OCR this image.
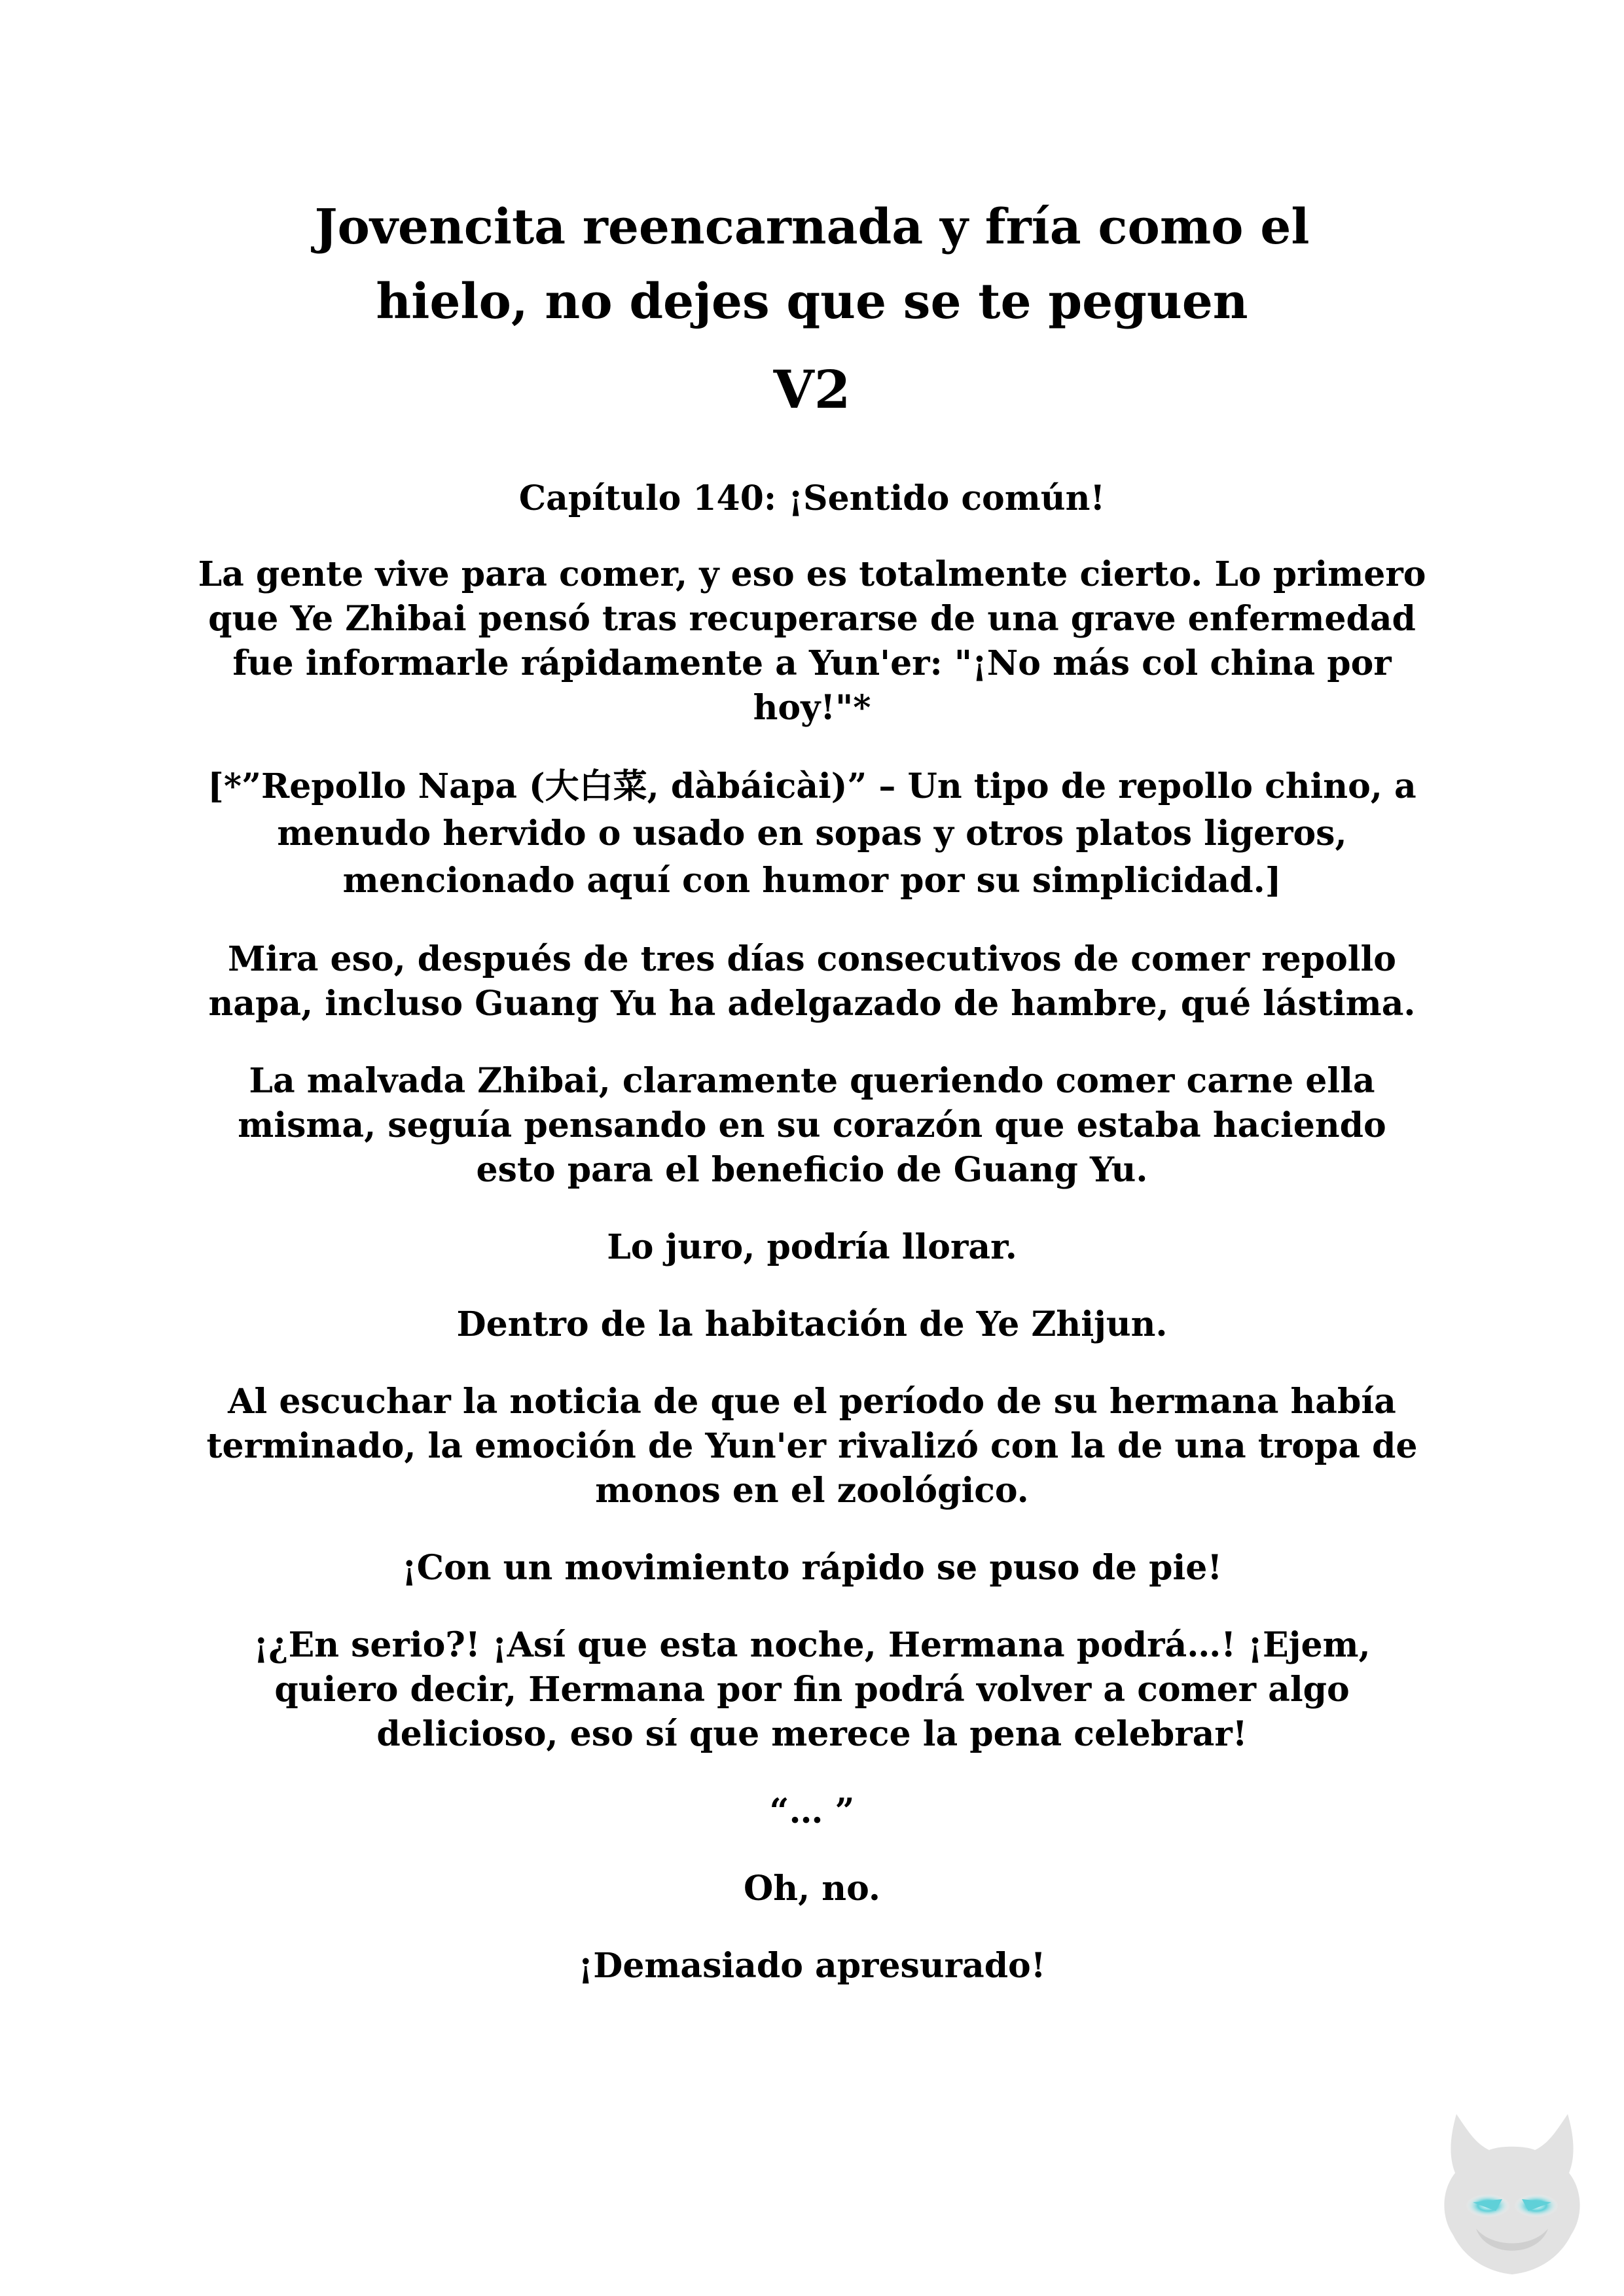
Jovencita reencarnada y fría como el
hielo, no dejes que se te peguen
V2
Capítulo 140: ¡Sentido común!

La gente vive para comer, y eso es totalmente cierto. Lo primero que Ye Zhibai pensó tras recuperarse de una grave enfermedad fue informarle rápidamente a Yun'er: "¡No más col china por hoy!"*

[*”Repollo Napa (大白菜, dàbáicài)” – Un tipo de repollo chino, a menudo hervido o usado en sopas y otros platos ligeros, mencionado aquí con humor por su simplicidad.]

Mira eso, después de tres días consecutivos de comer repollo napa, incluso Guang Yu ha adelgazado de hambre, qué lástima.

La malvada Zhibai, claramente queriendo comer carne ella misma, seguía pensando en su corazón que estaba haciendo esto para el beneficio de Guang Yu.

Lo juro, podría llorar.

Dentro de la habitación de Ye Zhijun.

Al escuchar la noticia de que el período de su hermana había terminado, la emoción de Yun'er rivalizó con la de una tropa de monos en el zoológico.

¡Con un movimiento rápido se puso de pie!

¡¿En serio?! ¡Así que esta noche, Hermana podrá…! ¡Ejem, quiero decir, Hermana por fin podrá volver a comer algo delicioso, eso sí que merece la pena celebrar!

“… ”

Oh, no.

¡Demasiado apresurado!
